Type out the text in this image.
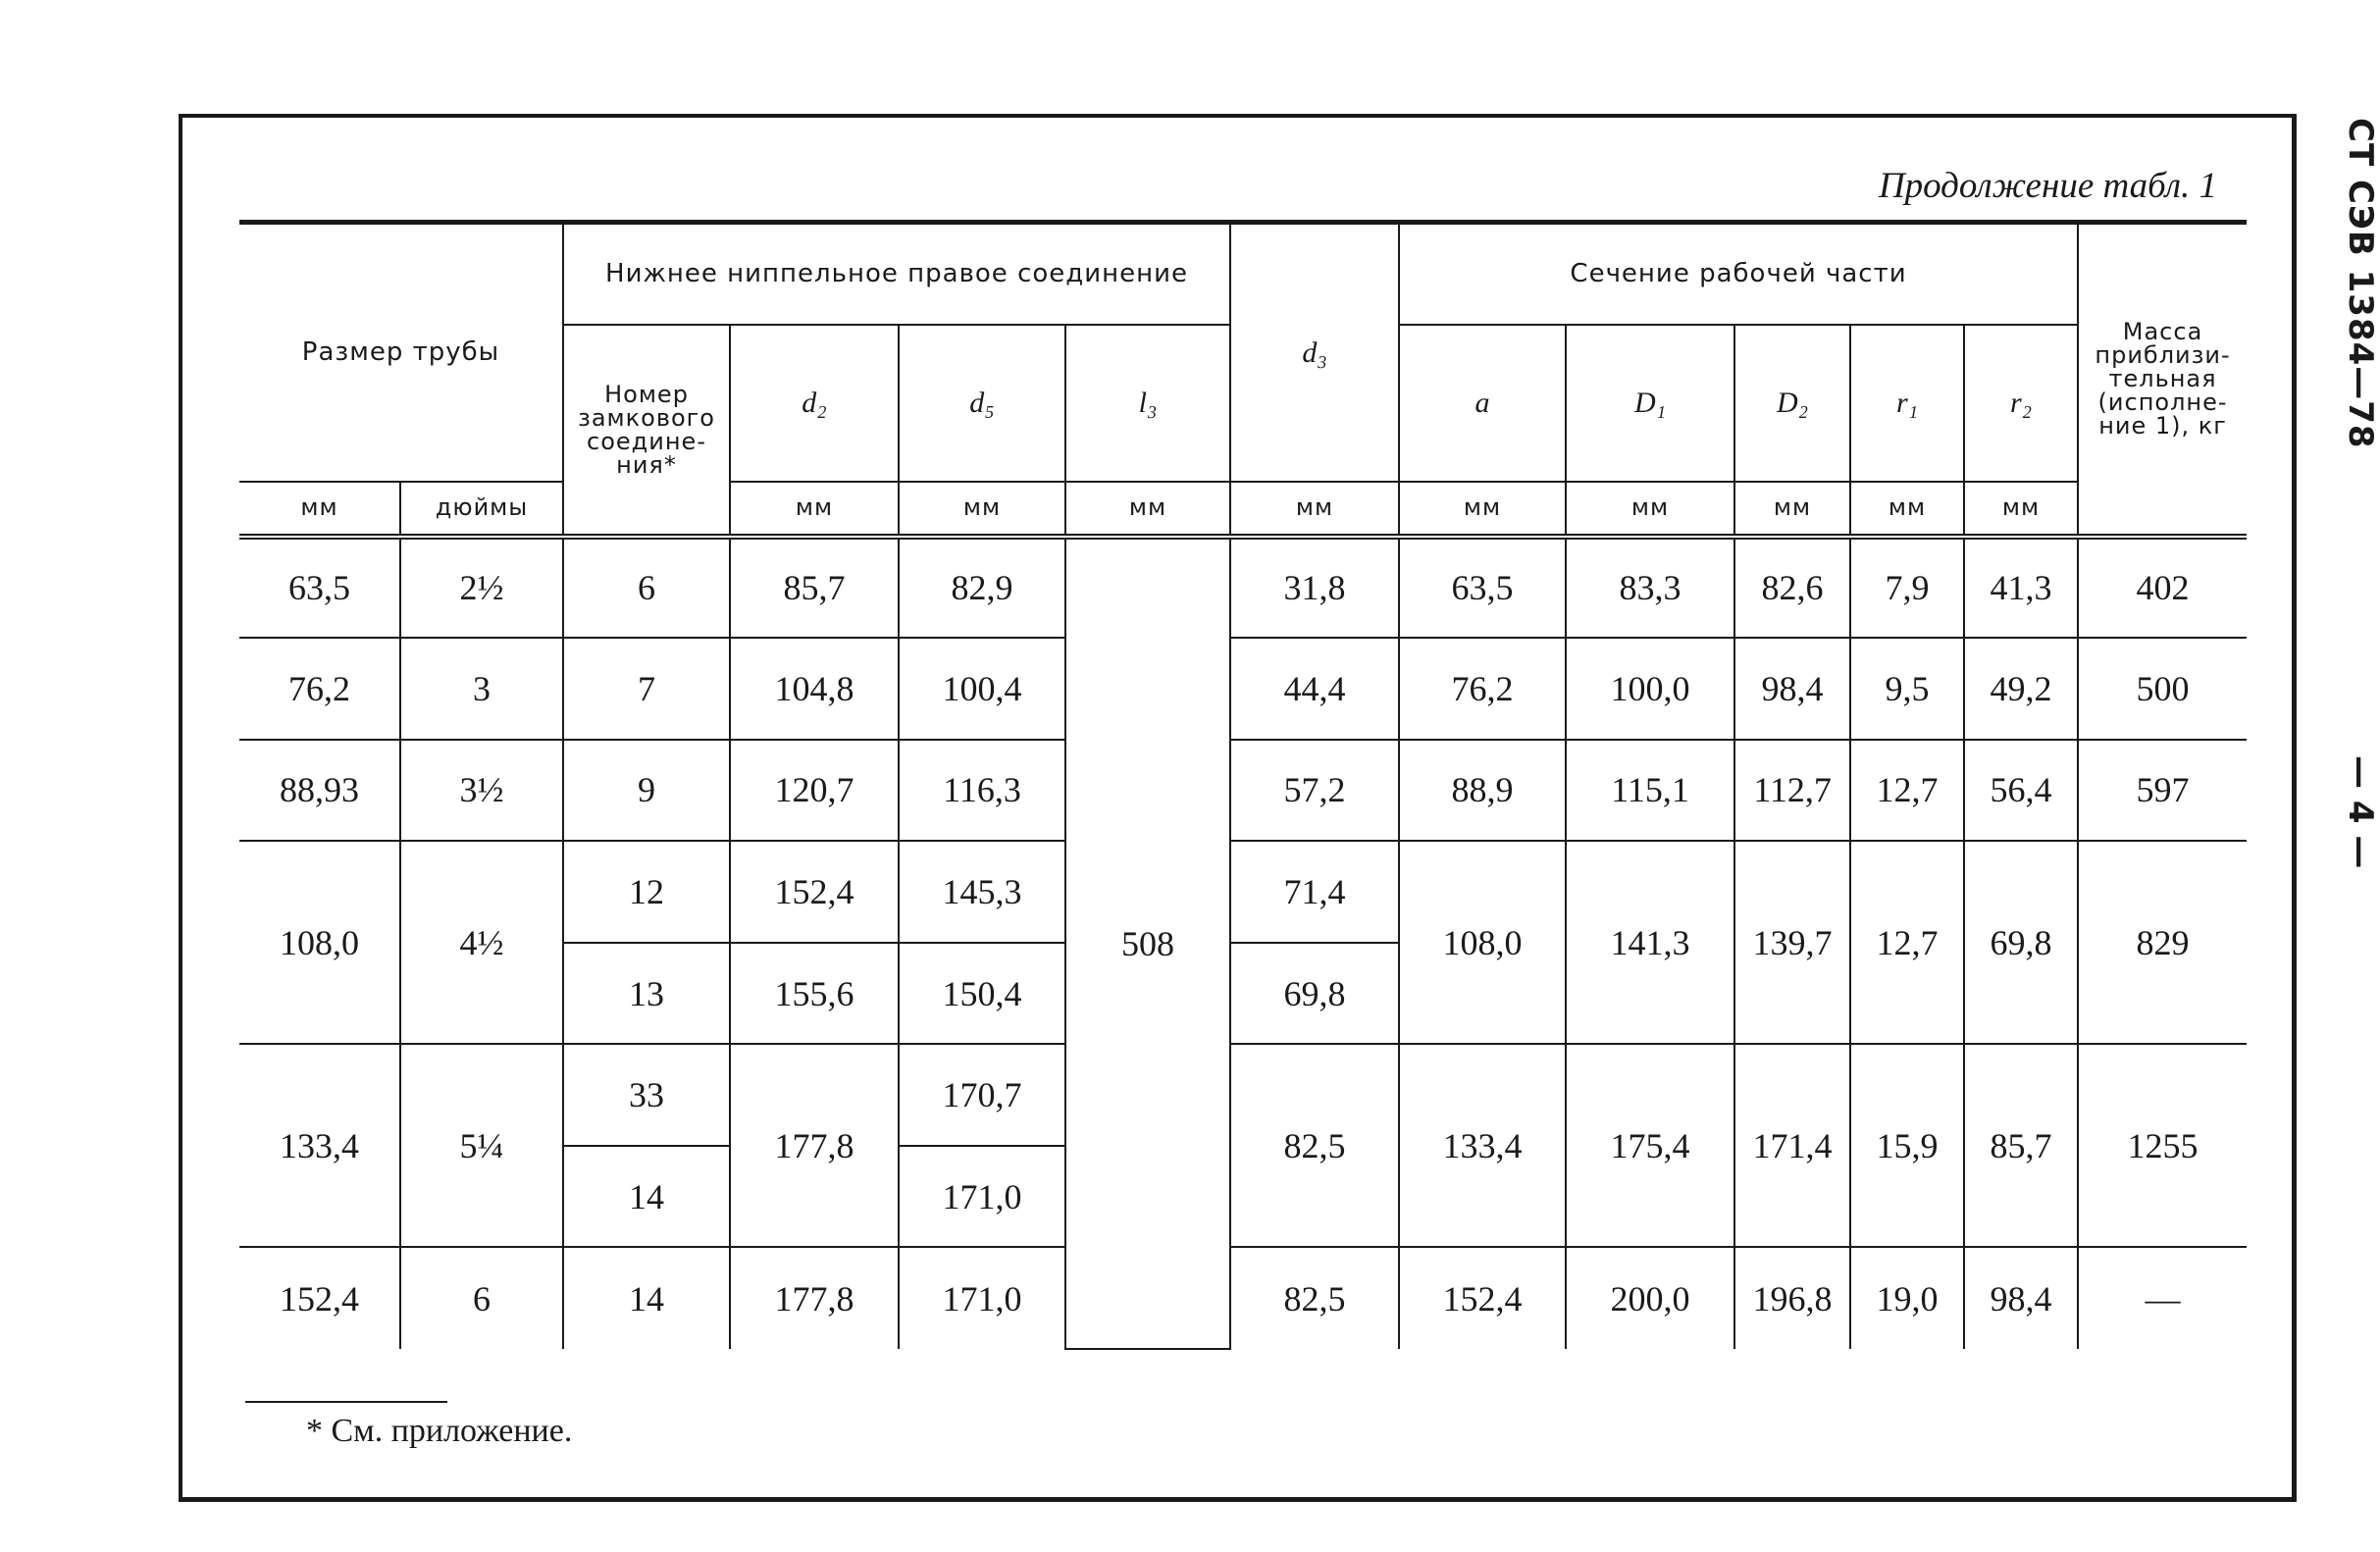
Продолжение табл. 1	СТ СЭВ 1384—78
— 4 —
Размер трубы		Нижнее ниппельное правое соединение				d₃	Сечение рабочей части					Масса приблизи-тельная (исполне-ние 1), кг
		Номер замкового соедине-ния*	d₂	d₅	l₃		a	D₁	D₂	r₁	r₂	
мм	дюймы		мм	мм	мм	мм	мм	мм	мм	мм	мм	
63,5	2½	6	85,7	82,9	508	31,8	63,5	83,3	82,6	7,9	41,3	402
76,2	3	7	104,8	100,4		44,4	76,2	100,0	98,4	9,5	49,2	500
88,93	3½	9	120,7	116,3		57,2	88,9	115,1	112,7	12,7	56,4	597
108,0	4½	12	152,4	145,3		71,4	108,0	141,3	139,7	12,7	69,8	829
		13	155,6	150,4		69,8						
133,4	5¼	33	177,8	170,7		82,5	133,4	175,4	171,4	15,9	85,7	1255
		14		171,0								
152,4	6	14	177,8	171,0		82,5	152,4	200,0	196,8	19,0	98,4	—
* См. приложение.
